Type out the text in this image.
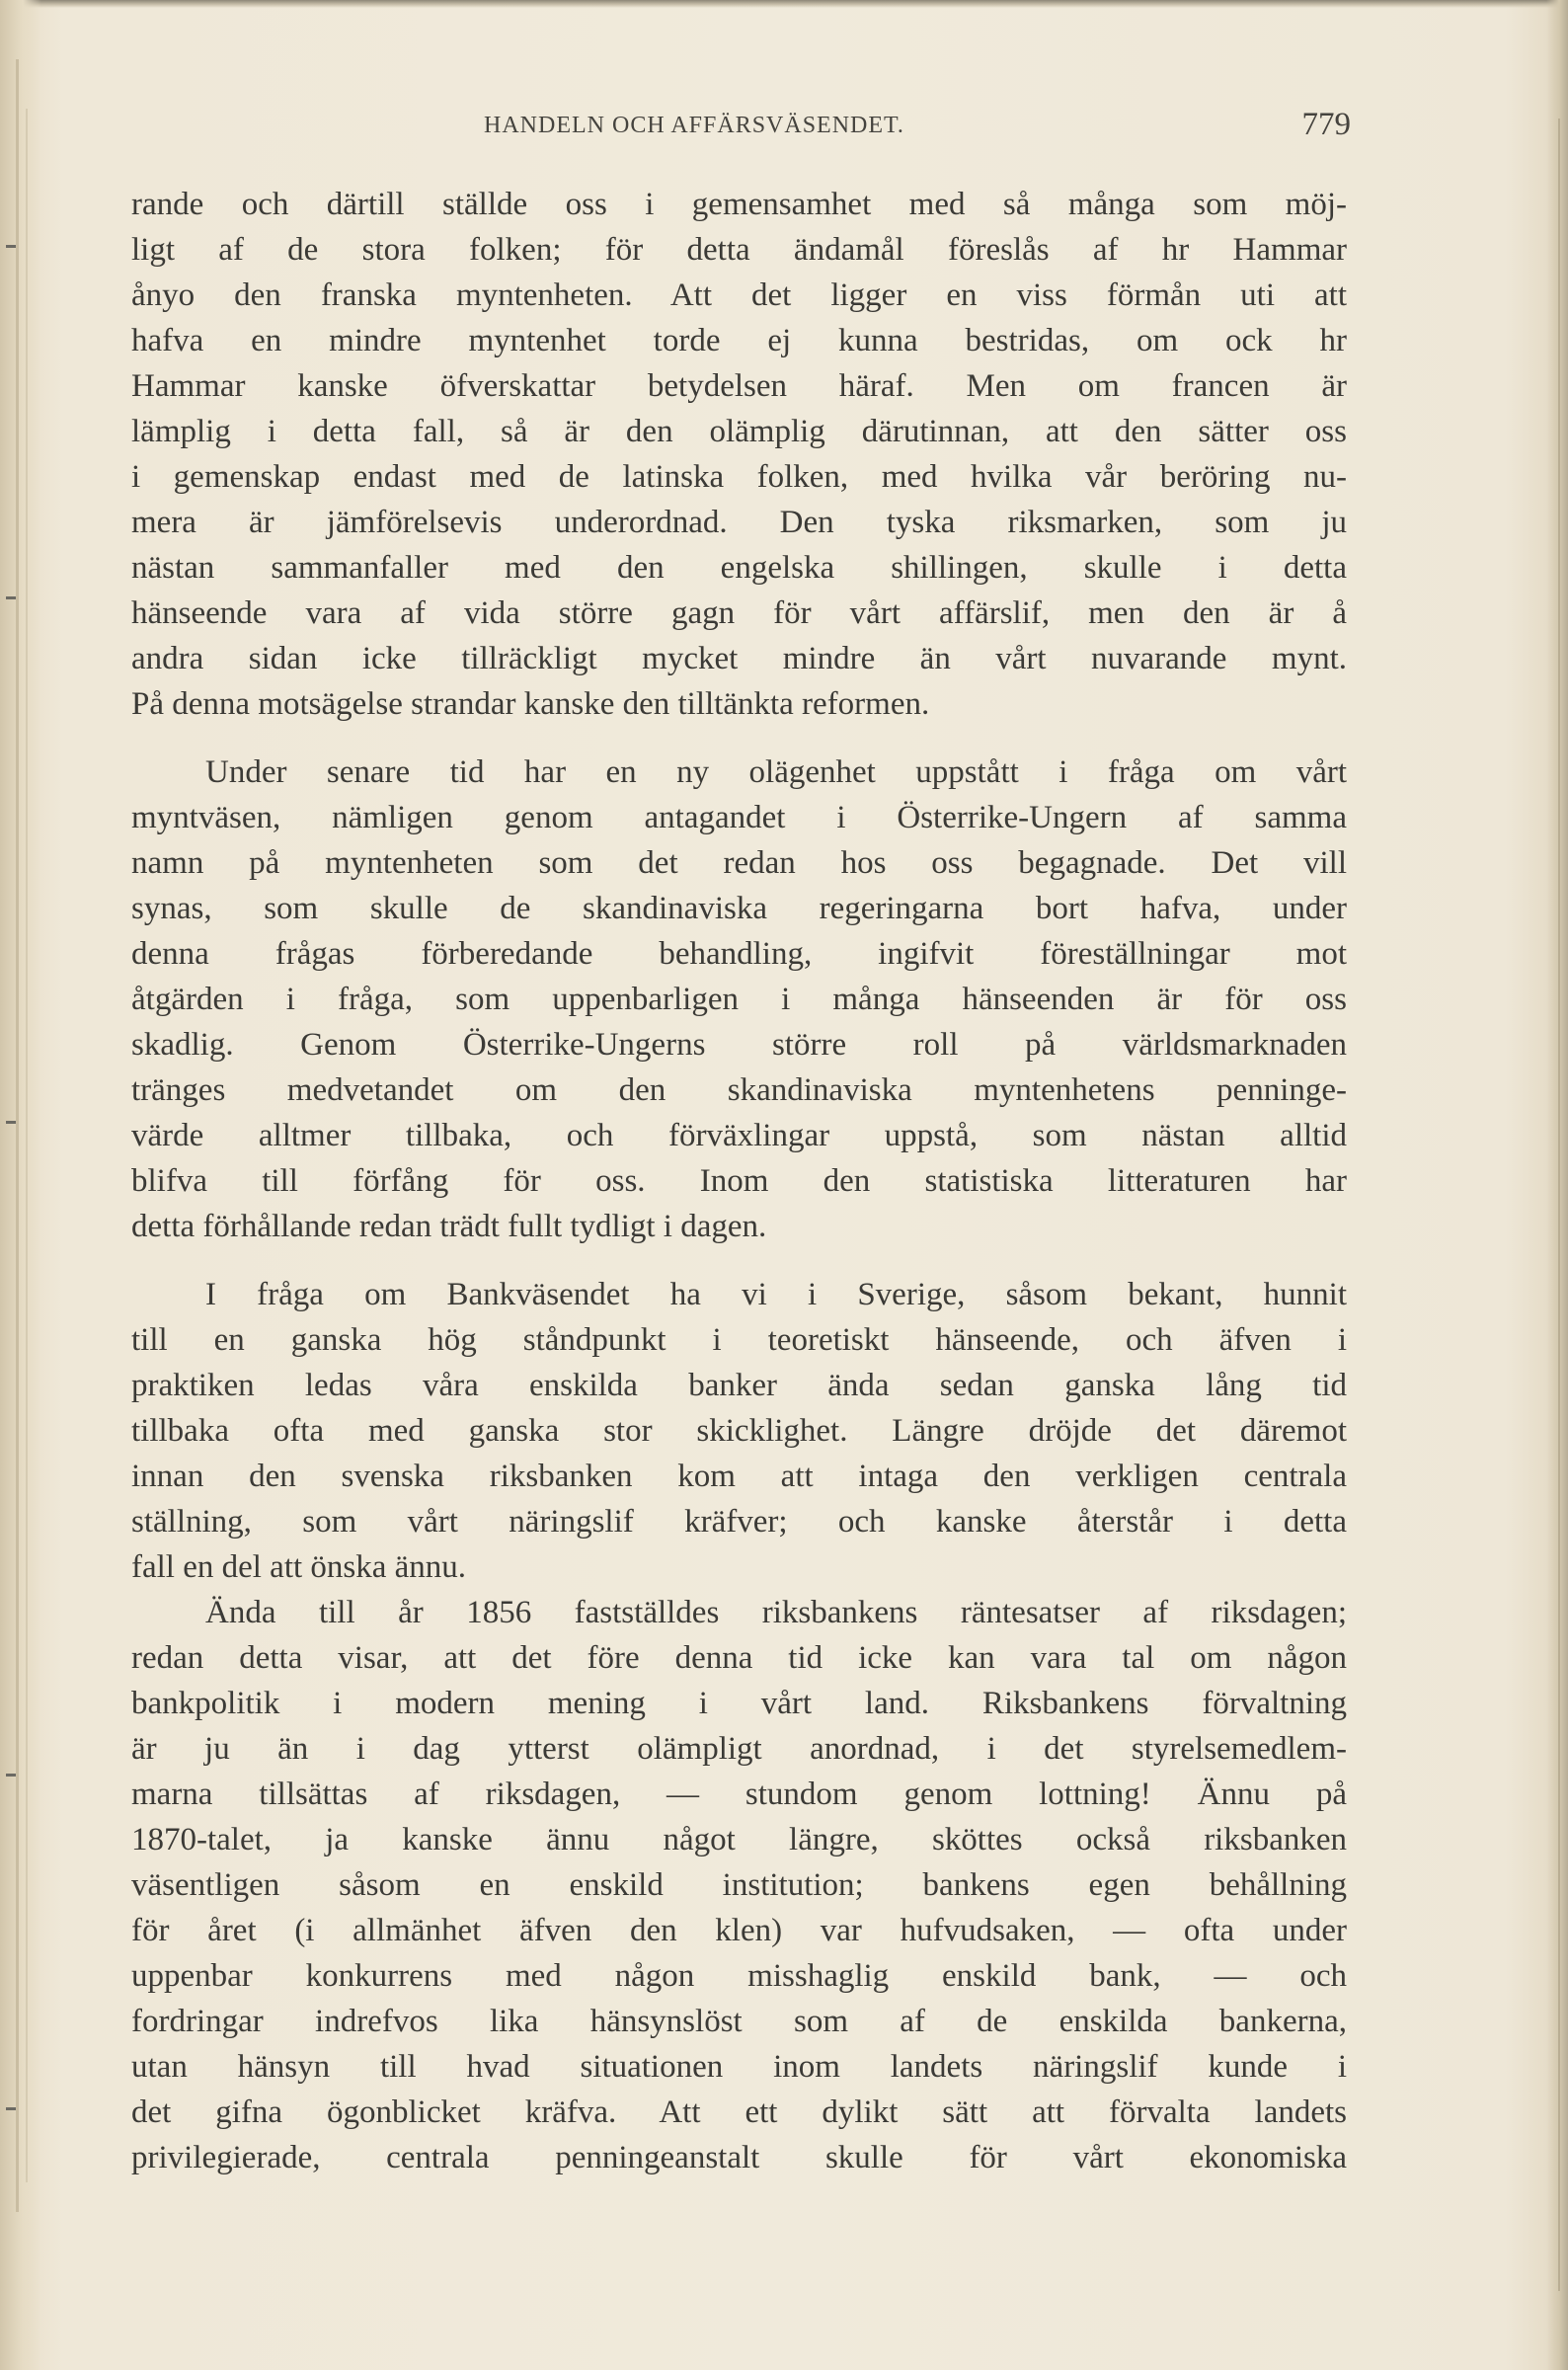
HANDELN OCH AFFÄRSVÄSENDET.	779
rande och därtill ställde oss i gemensamhet med så många som möj-
ligt af de stora folken; för detta ändamål föreslås af hr Hammar
ånyo den franska myntenheten. Att det ligger en viss förmån uti att
hafva en mindre myntenhet torde ej kunna bestridas, om ock hr
Hammar kanske öfverskattar betydelsen häraf. Men om francen är
lämplig i detta fall, så är den olämplig därutinnan, att den sätter oss
i gemenskap endast med de latinska folken, med hvilka vår beröring nu-
mera är jämförelsevis underordnad. Den tyska riksmarken, som ju
nästan sammanfaller med den engelska shillingen, skulle i detta
hänseende vara af vida större gagn för vårt affärslif, men den är å
andra sidan icke tillräckligt mycket mindre än vårt nuvarande mynt.
På denna motsägelse strandar kanske den tilltänkta reformen.
Under senare tid har en ny olägenhet uppstått i fråga om vårt
myntväsen, nämligen genom antagandet i Österrike-Ungern af samma
namn på myntenheten som det redan hos oss begagnade. Det vill
synas, som skulle de skandinaviska regeringarna bort hafva, under
denna frågas förberedande behandling, ingifvit föreställningar mot
åtgärden i fråga, som uppenbarligen i många hänseenden är för oss
skadlig. Genom Österrike-Ungerns större roll på världsmarknaden
tränges medvetandet om den skandinaviska myntenhetens penninge-
värde alltmer tillbaka, och förväxlingar uppstå, som nästan alltid
blifva till förfång för oss. Inom den statistiska litteraturen har
detta förhållande redan trädt fullt tydligt i dagen.
I fråga om Bankväsendet ha vi i Sverige, såsom bekant, hunnit
till en ganska hög ståndpunkt i teoretiskt hänseende, och äfven i
praktiken ledas våra enskilda banker ända sedan ganska lång tid
tillbaka ofta med ganska stor skicklighet. Längre dröjde det däremot
innan den svenska riksbanken kom att intaga den verkligen centrala
ställning, som vårt näringslif kräfver; och kanske återstår i detta
fall en del att önska ännu.
Ända till år 1856 fastställdes riksbankens räntesatser af riksdagen;
redan detta visar, att det före denna tid icke kan vara tal om någon
bankpolitik i modern mening i vårt land. Riksbankens förvaltning
är ju än i dag ytterst olämpligt anordnad, i det styrelsemedlem-
marna tillsättas af riksdagen, — stundom genom lottning! Ännu på
1870-talet, ja kanske ännu något längre, sköttes också riksbanken
väsentligen såsom en enskild institution; bankens egen behållning
för året (i allmänhet äfven den klen) var hufvudsaken, — ofta under
uppenbar konkurrens med någon misshaglig enskild bank, — och
fordringar indrefvos lika hänsynslöst som af de enskilda bankerna,
utan hänsyn till hvad situationen inom landets näringslif kunde i
det gifna ögonblicket kräfva. Att ett dylikt sätt att förvalta landets
privilegierade, centrala penningeanstalt skulle för vårt ekonomiska
